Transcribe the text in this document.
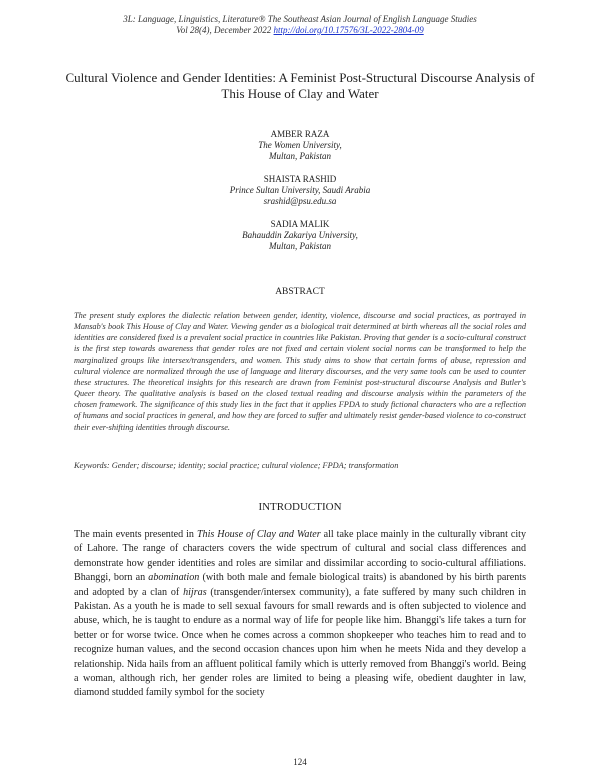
3L: Language, Linguistics, Literature® The Southeast Asian Journal of English Language Studies
Vol 28(4), December 2022 http://doi.org/10.17576/3L-2022-2804-09
Cultural Violence and Gender Identities: A Feminist Post-Structural Discourse Analysis of This House of Clay and Water
AMBER RAZA
The Women University,
Multan, Pakistan
SHAISTA RASHID
Prince Sultan University, Saudi Arabia
srashid@psu.edu.sa
SADIA MALIK
Bahauddin Zakariya University,
Multan, Pakistan
ABSTRACT
The present study explores the dialectic relation between gender, identity, violence, discourse and social practices, as portrayed in Mansab's book This House of Clay and Water. Viewing gender as a biological trait determined at birth whereas all the social roles and identities are considered fixed is a prevalent social practice in countries like Pakistan. Proving that gender is a socio-cultural construct is the first step towards awareness that gender roles are not fixed and certain violent social norms can be transformed to help the marginalized groups like intersex/transgenders, and women. This study aims to show that certain forms of abuse, repression and cultural violence are normalized through the use of language and literary discourses, and the very same tools can be used to counter these structures. The theoretical insights for this research are drawn from Feminist post-structural discourse Analysis and Butler's Queer theory. The qualitative analysis is based on the closed textual reading and discourse analysis within the parameters of the chosen framework. The significance of this study lies in the fact that it applies FPDA to study fictional characters who are a reflection of humans and social practices in general, and how they are forced to suffer and ultimately resist gender-based violence to co-construct their ever-shifting identities through discourse.
Keywords: Gender; discourse; identity; social practice; cultural violence; FPDA; transformation
INTRODUCTION
The main events presented in This House of Clay and Water all take place mainly in the culturally vibrant city of Lahore. The range of characters covers the wide spectrum of cultural and social class differences and demonstrate how gender identities and roles are similar and dissimilar according to socio-cultural affiliations. Bhanggi, born an abomination (with both male and female biological traits) is abandoned by his birth parents and adopted by a clan of hijras (transgender/intersex community), a fate suffered by many such children in Pakistan. As a youth he is made to sell sexual favours for small rewards and is often subjected to violence and abuse, which, he is taught to endure as a normal way of life for people like him. Bhanggi's life takes a turn for better or for worse twice. Once when he comes across a common shopkeeper who teaches him to read and to recognize human values, and the second occasion chances upon him when he meets Nida and they develop a relationship. Nida hails from an affluent political family which is utterly removed from Bhanggi's world. Being a woman, although rich, her gender roles are limited to being a pleasing wife, obedient daughter in law, diamond studded family symbol for the society
124
